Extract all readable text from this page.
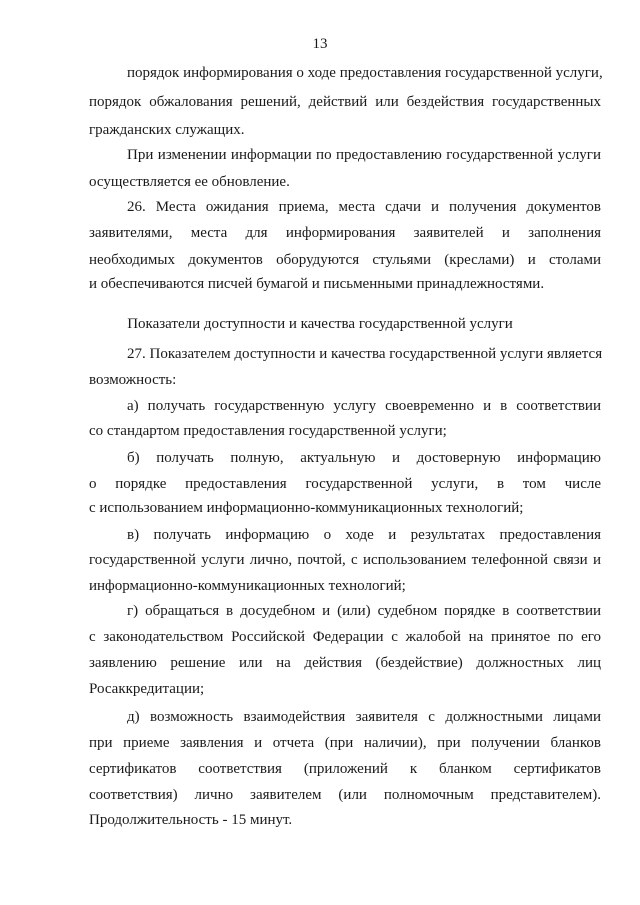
13
порядок информирования о ходе предоставления государственной услуги,
порядок обжалования решений, действий или бездействия государственных
гражданских служащих.
При изменении информации по предоставлению государственной услуги
осуществляется ее обновление.
26. Места ожидания приема, места сдачи и получения документов
заявителями, места для информирования заявителей и заполнения
необходимых документов оборудуются стульями (креслами) и столами
и обеспечиваются писчей бумагой и письменными принадлежностями.
Показатели доступности и качества государственной услуги
27. Показателем доступности и качества государственной услуги является
возможность:
а) получать государственную услугу своевременно и в соответствии
со стандартом предоставления государственной услуги;
б) получать полную, актуальную и достоверную информацию
о порядке предоставления государственной услуги, в том числе
с использованием информационно-коммуникационных технологий;
в) получать информацию о ходе и результатах предоставления
государственной услуги лично, почтой, с использованием телефонной связи и
информационно-коммуникационных технологий;
г) обращаться в досудебном и (или) судебном порядке в соответствии
с законодательством Российской Федерации с жалобой на принятое по его
заявлению решение или на действия (бездействие) должностных лиц
Росаккредитации;
д) возможность взаимодействия заявителя с должностными лицами
при приеме заявления и отчета (при наличии), при получении бланков
сертификатов соответствия (приложений к бланком сертификатов
соответствия) лично заявителем (или полномочным представителем).
Продолжительность - 15 минут.
